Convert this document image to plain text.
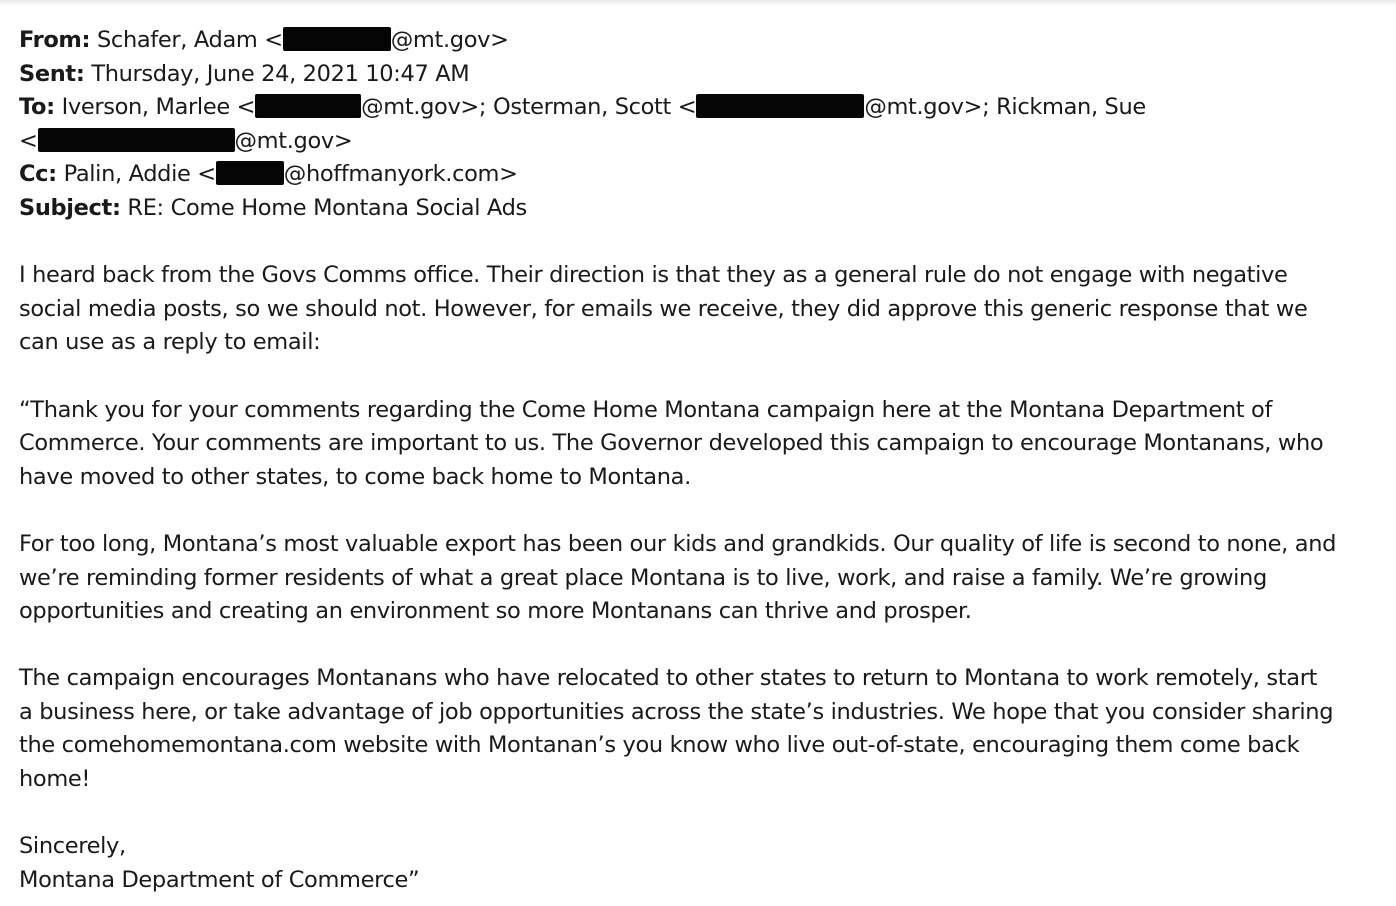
From: Schafer, Adam <	@mt.gov>
Sent: Thursday, June 24, 2021 10:47 AM
To: Iverson, Marlee <	@mt.gov>; Osterman, Scott <	@mt.gov>; Rickman, Sue
<	@mt.gov>
Cc: Palin, Addie <	@hoffmanyork.com>
Subject: RE: Come Home Montana Social Ads
I heard back from the Govs Comms office. Their direction is that they as a general rule do not engage with negative
social media posts, so we should not. However, for emails we receive, they did approve this generic response that we
can use as a reply to email:
“Thank you for your comments regarding the Come Home Montana campaign here at the Montana Department of
Commerce. Your comments are important to us. The Governor developed this campaign to encourage Montanans, who
have moved to other states, to come back home to Montana.
For too long, Montana’s most valuable export has been our kids and grandkids. Our quality of life is second to none, and
we’re reminding former residents of what a great place Montana is to live, work, and raise a family. We’re growing
opportunities and creating an environment so more Montanans can thrive and prosper.
The campaign encourages Montanans who have relocated to other states to return to Montana to work remotely, start
a business here, or take advantage of job opportunities across the state’s industries. We hope that you consider sharing
the comehomemontana.com website with Montanan’s you know who live out-of-state, encouraging them come back
home!
Sincerely,
Montana Department of Commerce”
